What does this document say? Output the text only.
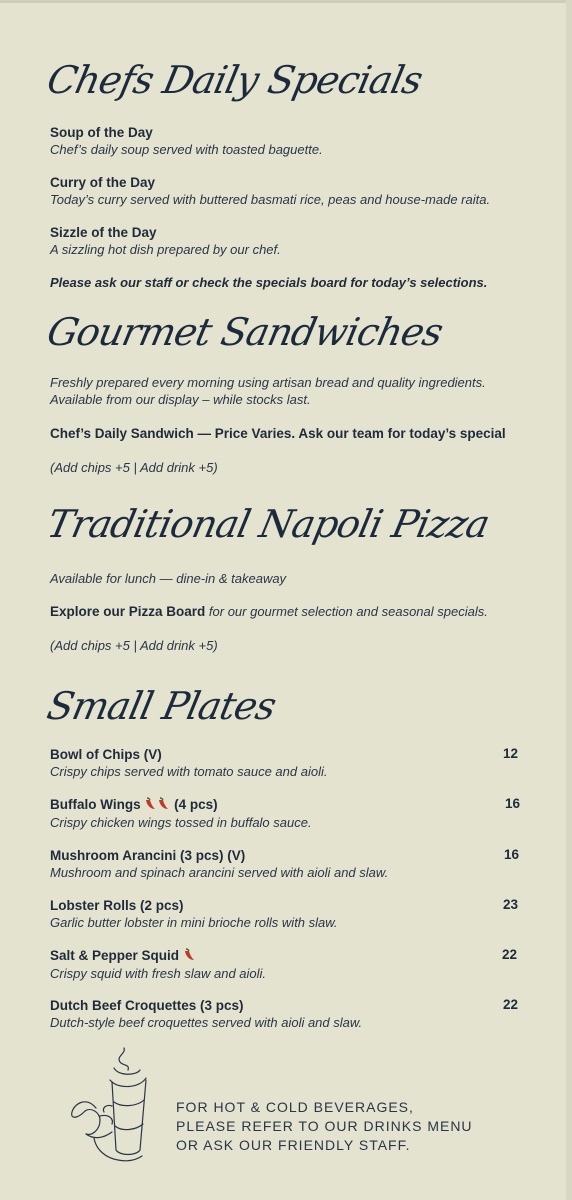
Chefs Daily Specials
Soup of the Day
Chef’s daily soup served with toasted baguette.
Curry of the Day
Today’s curry served with buttered basmati rice, peas and house-made raita.
Sizzle of the Day
A sizzling hot dish prepared by our chef.
Please ask our staff or check the specials board for today’s selections.
Gourmet Sandwiches
Freshly prepared every morning using artisan bread and quality ingredients.
Available from our display – while stocks last.
Chef’s Daily Sandwich — Price Varies. Ask our team for today’s special
(Add chips +5 | Add drink +5)
Traditional Napoli Pizza
Available for lunch — dine-in & takeaway
Explore our Pizza Board for our gourmet selection and seasonal specials.
(Add chips +5 | Add drink +5)
Small Plates
Bowl of Chips (V)	12
Crispy chips served with tomato sauce and aioli.
Buffalo Wings  (4 pcs)	16
Crispy chicken wings tossed in buffalo sauce.
Mushroom Arancini (3 pcs) (V)	16
Mushroom and spinach arancini served with aioli and slaw.
Lobster Rolls (2 pcs)	23
Garlic butter lobster in mini brioche rolls with slaw.
Salt & Pepper Squid	22
Crispy squid with fresh slaw and aioli.
Dutch Beef Croquettes (3 pcs)	22
Dutch-style beef croquettes served with aioli and slaw.
FOR HOT & COLD BEVERAGES,
PLEASE REFER TO OUR DRINKS MENU
OR ASK OUR FRIENDLY STAFF.
